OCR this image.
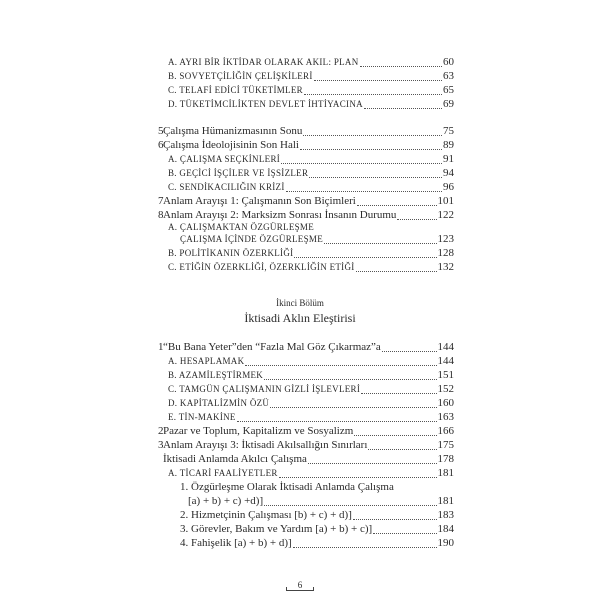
A. AYRI BİR İKTİDAR OLARAK AKIL: PLAN	60
B. SOVYETÇİLİĞİN ÇELİŞKİLERİ	63
C. TELAFİ EDİCİ TÜKETİMLER	65
D. TÜKETİMCİLİKTEN DEVLET İHTİYACINA	69
5 Çalışma Hümanizmasının Sonu	75
6 Çalışma İdeolojisinin Son Hali	89
A. ÇALIŞMA SEÇKİNLERİ	91
B. GEÇİCİ İŞÇİLER VE İŞSİZLER	94
C. SENDİKACILIĞIN KRİZİ	96
7 Anlam Arayışı 1: Çalışmanın Son Biçimleri	101
8 Anlam Arayışı 2: Marksizm Sonrası İnsanın Durumu	122
A. ÇALIŞMAKTAN ÖZGÜRLEŞME
ÇALIŞMA İÇİNDE ÖZGÜRLEŞME	123
B. POLİTİKANIN ÖZERKLİĞİ	128
C. ETİĞİN ÖZERKLİĞİ, ÖZERKLİĞİN ETİĞİ	132
İkinci Bölüm
İktisadi Aklın Eleştirisi
1 “Bu Bana Yeter”den “Fazla Mal Göz Çıkarmaz”a	144
A. HESAPLAMAK	144
B. AZAMİLEŞTİRMEK	151
C. TAMGÜN ÇALIŞMANIN GİZLİ İŞLEVLERİ	152
D. KAPİTALİZMİN ÖZÜ	160
E. TİN-MAKİNE	163
2 Pazar ve Toplum, Kapitalizm ve Sosyalizm	166
3 Anlam Arayışı 3: İktisadi Akılsallığın Sınırları	175
İktisadi Anlamda Akılcı Çalışma	178
A. TİCARİ FAALİYETLER	181
1. Özgürleşme Olarak İktisadi Anlamda Çalışma
[a) + b) + c) +d)]	181
2. Hizmetçinin Çalışması [b) + c) + d)]	183
3. Görevler, Bakım ve Yardım [a) + b) + c)]	184
4. Fahişelik [a) + b) + d)]	190
6
